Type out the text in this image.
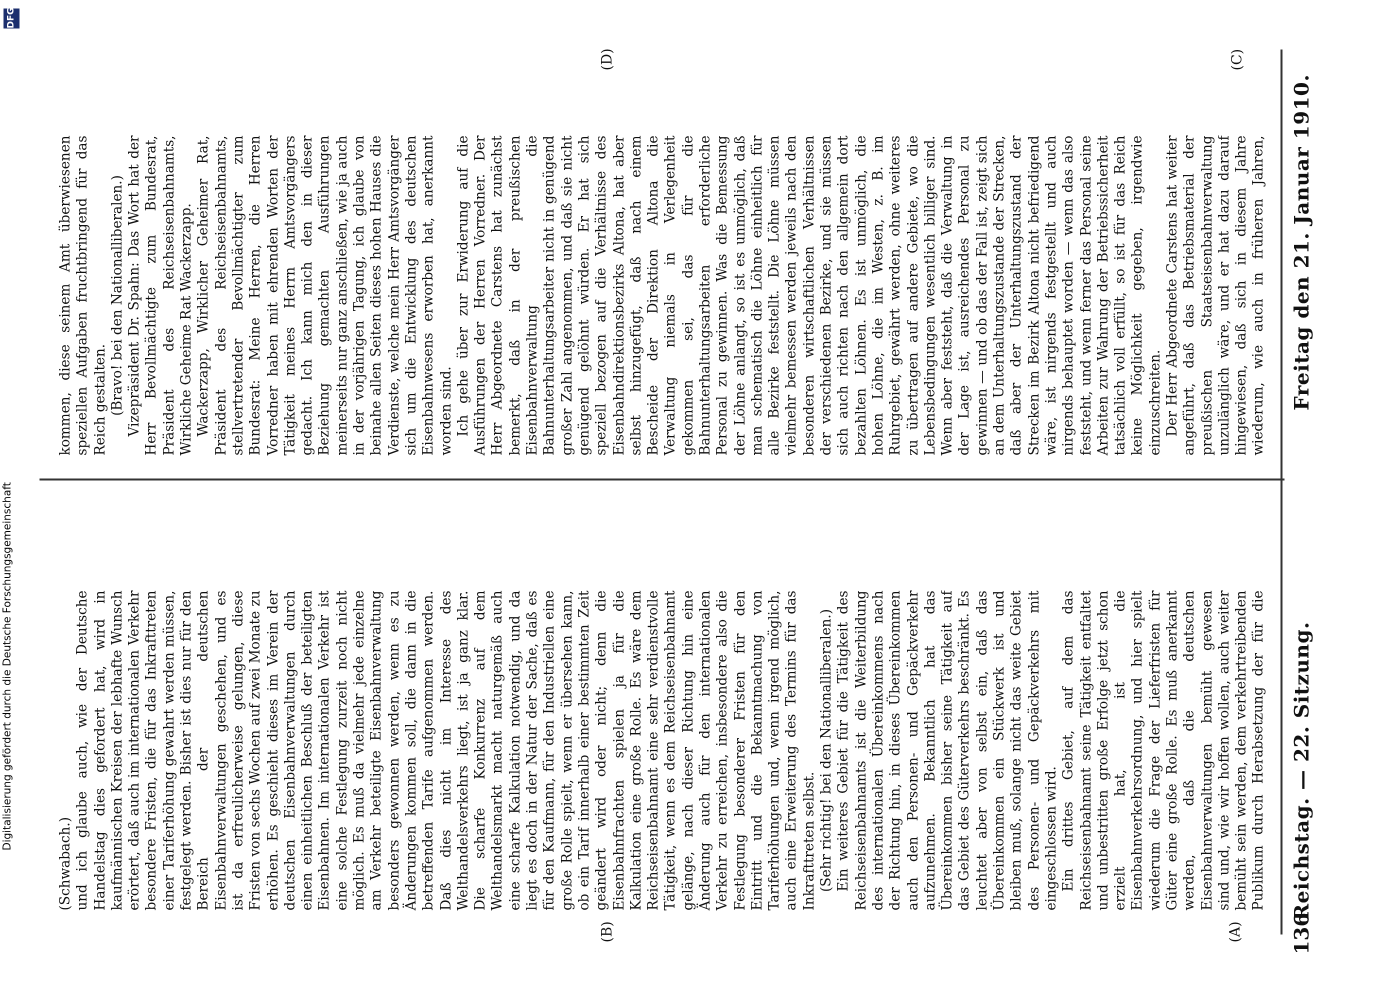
136
Reichstag. — 22. Sitzung.
Freitag den 21. Januar 1910.
(A)
(B)
(C)
(D)

(Schwabach.) und ich glaube auch, wie der Deutsche Handelstag dies gefordert hat, wird in kaufmännischen Kreisen der lebhafte Wunsch erörtert, daß auch im internationalen Verkehr besondere Fristen, die für das Inkrafttreten einer Tariferhöhung gewahrt werden müssen, festgelegt werden. Bisher ist dies nur für den Bereich der deutschen Eisenbahnverwaltungen geschehen, und es ist da erfreulicherweise gelungen, diese Fristen von sechs Wochen auf zwei Monate zu erhöhen. Es geschieht dieses im Verein der deutschen Eisenbahnverwaltungen durch einen einheitlichen Beschluß der beteiligten Eisenbahnen. Im internationalen Verkehr ist eine solche Festlegung zurzeit noch nicht möglich. Es muß da vielmehr jede einzelne am Verkehr beteiligte Eisenbahnverwaltung besonders gewonnen werden, wenn es zu Änderungen kommen soll, die dann in die betreffenden Tarife aufgenommen werden. Daß dies nicht im Interesse des Welthandelsverkehrs liegt, ist ja ganz klar. Die scharfe Konkurrenz auf dem Welthandelsmarkt macht naturgemäß auch eine scharfe Kalkulation notwendig, und da liegt es doch in der Natur der Sache, daß es für den Kaufmann, für den Industriellen eine große Rolle spielt, wenn er übersehen kann, ob ein Tarif innerhalb einer bestimmten Zeit geändert wird oder nicht; denn die Eisenbahnfrachten spielen ja für die Kalkulation eine große Rolle. Es wäre dem Reichseisenbahnamt eine sehr verdienstvolle Tätigkeit, wenn es dem Reichseisenbahnamt gelänge, nach dieser Richtung hin eine Änderung auch für den internationalen Verkehr zu erreichen, insbesondere also die Festlegung besonderer Fristen für den Eintritt und die Bekanntmachung von Tariferhöhungen und, wenn irgend möglich, auch eine Erweiterung des Termins für das Inkrafttreten selbst. (Sehr richtig! bei den Nationalliberalen.) Ein weiteres Gebiet für die Tätigkeit des Reichseisenbahnamts ist die Weiterbildung des internationalen Übereinkommens nach der Richtung hin, in dieses Übereinkommen auch den Personen- und Gepäckverkehr aufzunehmen. Bekanntlich hat das Übereinkommen bisher seine Tätigkeit auf das Gebiet des Güterverkehrs beschränkt. Es leuchtet aber von selbst ein, daß das Übereinkommen ein Stückwerk ist und bleiben muß, solange nicht das weite Gebiet des Personen- und Gepäckverkehrs mit eingeschlossen wird. Ein drittes Gebiet, auf dem das Reichseisenbahnamt seine Tätigkeit entfaltet und unbestritten große Erfolge jetzt schon erzielt hat, ist die Eisenbahnverkehrsordnung, und hier spielt wiederum die Frage der Lieferfristen für Güter eine große Rolle. Es muß anerkannt werden, daß die deutschen Eisenbahnverwaltungen bemüht gewesen sind und, wie wir hoffen wollen, auch weiter bemüht sein werden, dem verkehrtreibenden Publikum durch Herabsetzung der für die

kommen, diese seinem Amt überwiesenen speziellen Aufgaben fruchtbringend für das Reich gestalten. (Bravo! bei den Nationalliberalen.) Vizepräsident Dr. Spahn: Das Wort hat der Herr Bevollmächtigte zum Bundesrat, Präsident des Reichseisenbahnamts, Wirkliche Geheime Rat Wackerzapp. Wackerzapp, Wirklicher Geheimer Rat, Präsident des Reichseisenbahnamts, stellvertretender Bevollmächtigter zum Bundesrat: Meine Herren, die Herren Vorredner haben mit ehrenden Worten der Tätigkeit meines Herrn Amtsvorgängers gedacht. Ich kann mich den in dieser Beziehung gemachten Ausführungen meinerseits nur ganz anschließen, wie ja auch in der vorjährigen Tagung, ich glaube von beinahe allen Seiten dieses hohen Hauses die Verdienste, welche mein Herr Amtsvorgänger sich um die Entwicklung des deutschen Eisenbahnwesens erworben hat, anerkannt worden sind. Ich gehe über zur Erwiderung auf die Ausführungen der Herren Vorredner. Der Herr Abgeordnete Carstens hat zunächst bemerkt, daß in der preußischen Eisenbahnverwaltung die Bahnunterhaltungsarbeiter nicht in genügend großer Zahl angenommen, und daß sie nicht genügend gelöhnt würden. Er hat sich speziell bezogen auf die Verhältnisse des Eisenbahndirektionsbezirks Altona, hat aber selbst hinzugefügt, daß nach einem Bescheide der Direktion Altona die Verwaltung niemals in Verlegenheit gekommen sei, das für die Bahnunterhaltungsarbeiten erforderliche Personal zu gewinnen. Was die Bemessung der Löhne anlangt, so ist es unmöglich, daß man schematisch die Löhne einheitlich für alle Bezirke feststellt. Die Löhne müssen vielmehr bemessen werden jeweils nach den besonderen wirtschaftlichen Verhältnissen der verschiedenen Bezirke, und sie müssen sich auch richten nach den allgemein dort bezahlten Löhnen. Es ist unmöglich, die hohen Löhne, die im Westen, z. B. im Ruhrgebiet, gewährt werden, ohne weiteres zu übertragen auf andere Gebiete, wo die Lebensbedingungen wesentlich billiger sind. Wenn aber feststeht, daß die Verwaltung in der Lage ist, ausreichendes Personal zu gewinnen — und ob das der Fall ist, zeigt sich an dem Unterhaltungszustande der Strecken, daß aber der Unterhaltungszustand der Strecken im Bezirk Altona nicht befriedigend wäre, ist nirgends festgestellt und auch nirgends behauptet worden — wenn das also feststeht, und wenn ferner das Personal seine Arbeiten zur Wahrung der Betriebssicherheit tatsächlich voll erfüllt, so ist für das Reich keine Möglichkeit gegeben, irgendwie einzuschreiten. Der Herr Abgeordnete Carstens hat weiter angeführt, daß das Betriebsmaterial der preußischen Staatseisenbahnverwaltung unzulänglich wäre, und er hat dazu darauf hingewiesen, daß sich in diesem Jahre wiederum, wie auch in früheren Jahren,

Digitalisierung gefördert durch die Deutsche Forschungsgemeinschaft
DFG
